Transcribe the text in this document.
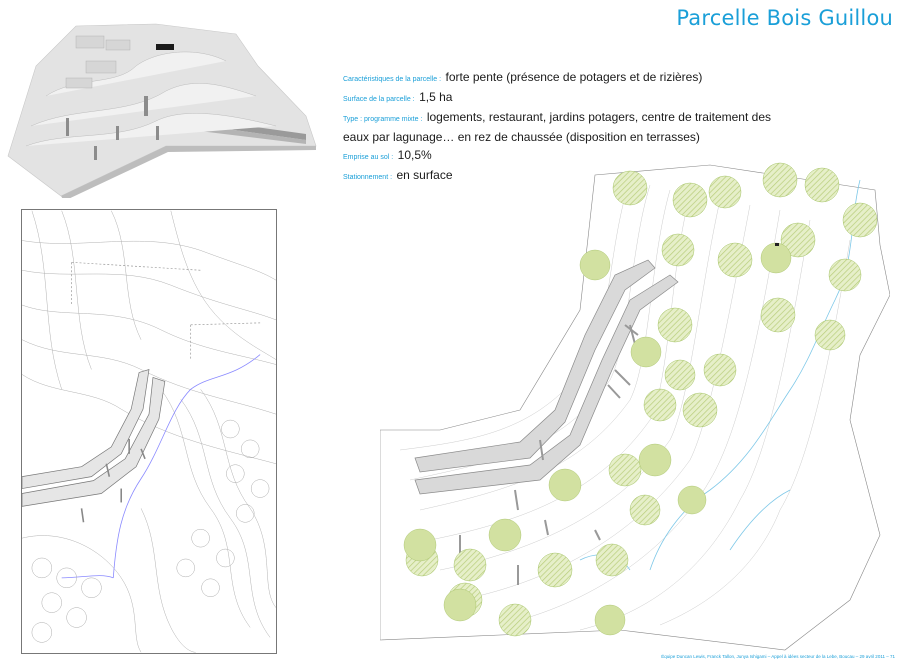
Parcelle Bois Guillou
Caractéristiques de la parcelle : forte pente (présence de potagers et de rizières)
Surface de la parcelle : 1,5 ha
Type : programme mixte : logements, restaurant, jardins potagers, centre de traitement des eaux par lagunage… en rez de chaussée (disposition en terrasses)
Emprise au sol : 10,5%
Stationnement : en surface
Équipe Duncan Lewis, Franck Tallon, Junya Ishigami – Appel à idées secteur de la Lebe, Boucau – 29 avril 2011 – 71
